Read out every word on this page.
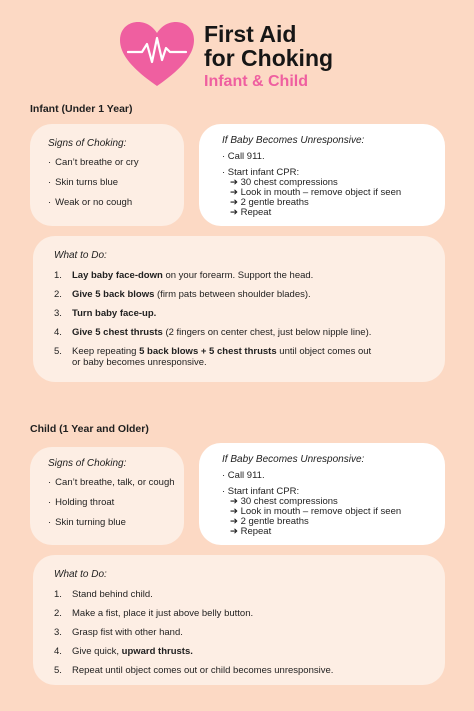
First Aid
for Choking
Infant & Child
Infant (Under 1 Year)
Signs of Choking:
· Can’t breathe or cry
· Skin turns blue
· Weak or no cough
If Baby Becomes Unresponsive:
· Call 911.
· Start infant CPR:
➔ 30 chest compressions
➔ Look in mouth – remove object if seen
➔ 2 gentle breaths
➔ Repeat
What to Do:
1.	Lay baby face-down on your forearm. Support the head.
2.	Give 5 back blows (firm pats between shoulder blades).
3.	Turn baby face-up.
4.	Give 5 chest thrusts (2 fingers on center chest, just below nipple line).
5.	Keep repeating 5 back blows + 5 chest thrusts until object comes out or baby becomes unresponsive.
Child (1 Year and Older)
Signs of Choking:
· Can’t breathe, talk, or cough
· Holding throat
· Skin turning blue
If Baby Becomes Unresponsive:
· Call 911.
· Start infant CPR:
➔ 30 chest compressions
➔ Look in mouth – remove object if seen
➔ 2 gentle breaths
➔ Repeat
What to Do:
1.	Stand behind child.
2.	Make a fist, place it just above belly button.
3.	Grasp fist with other hand.
4.	Give quick, upward thrusts.
5.	Repeat until object comes out or child becomes unresponsive.
